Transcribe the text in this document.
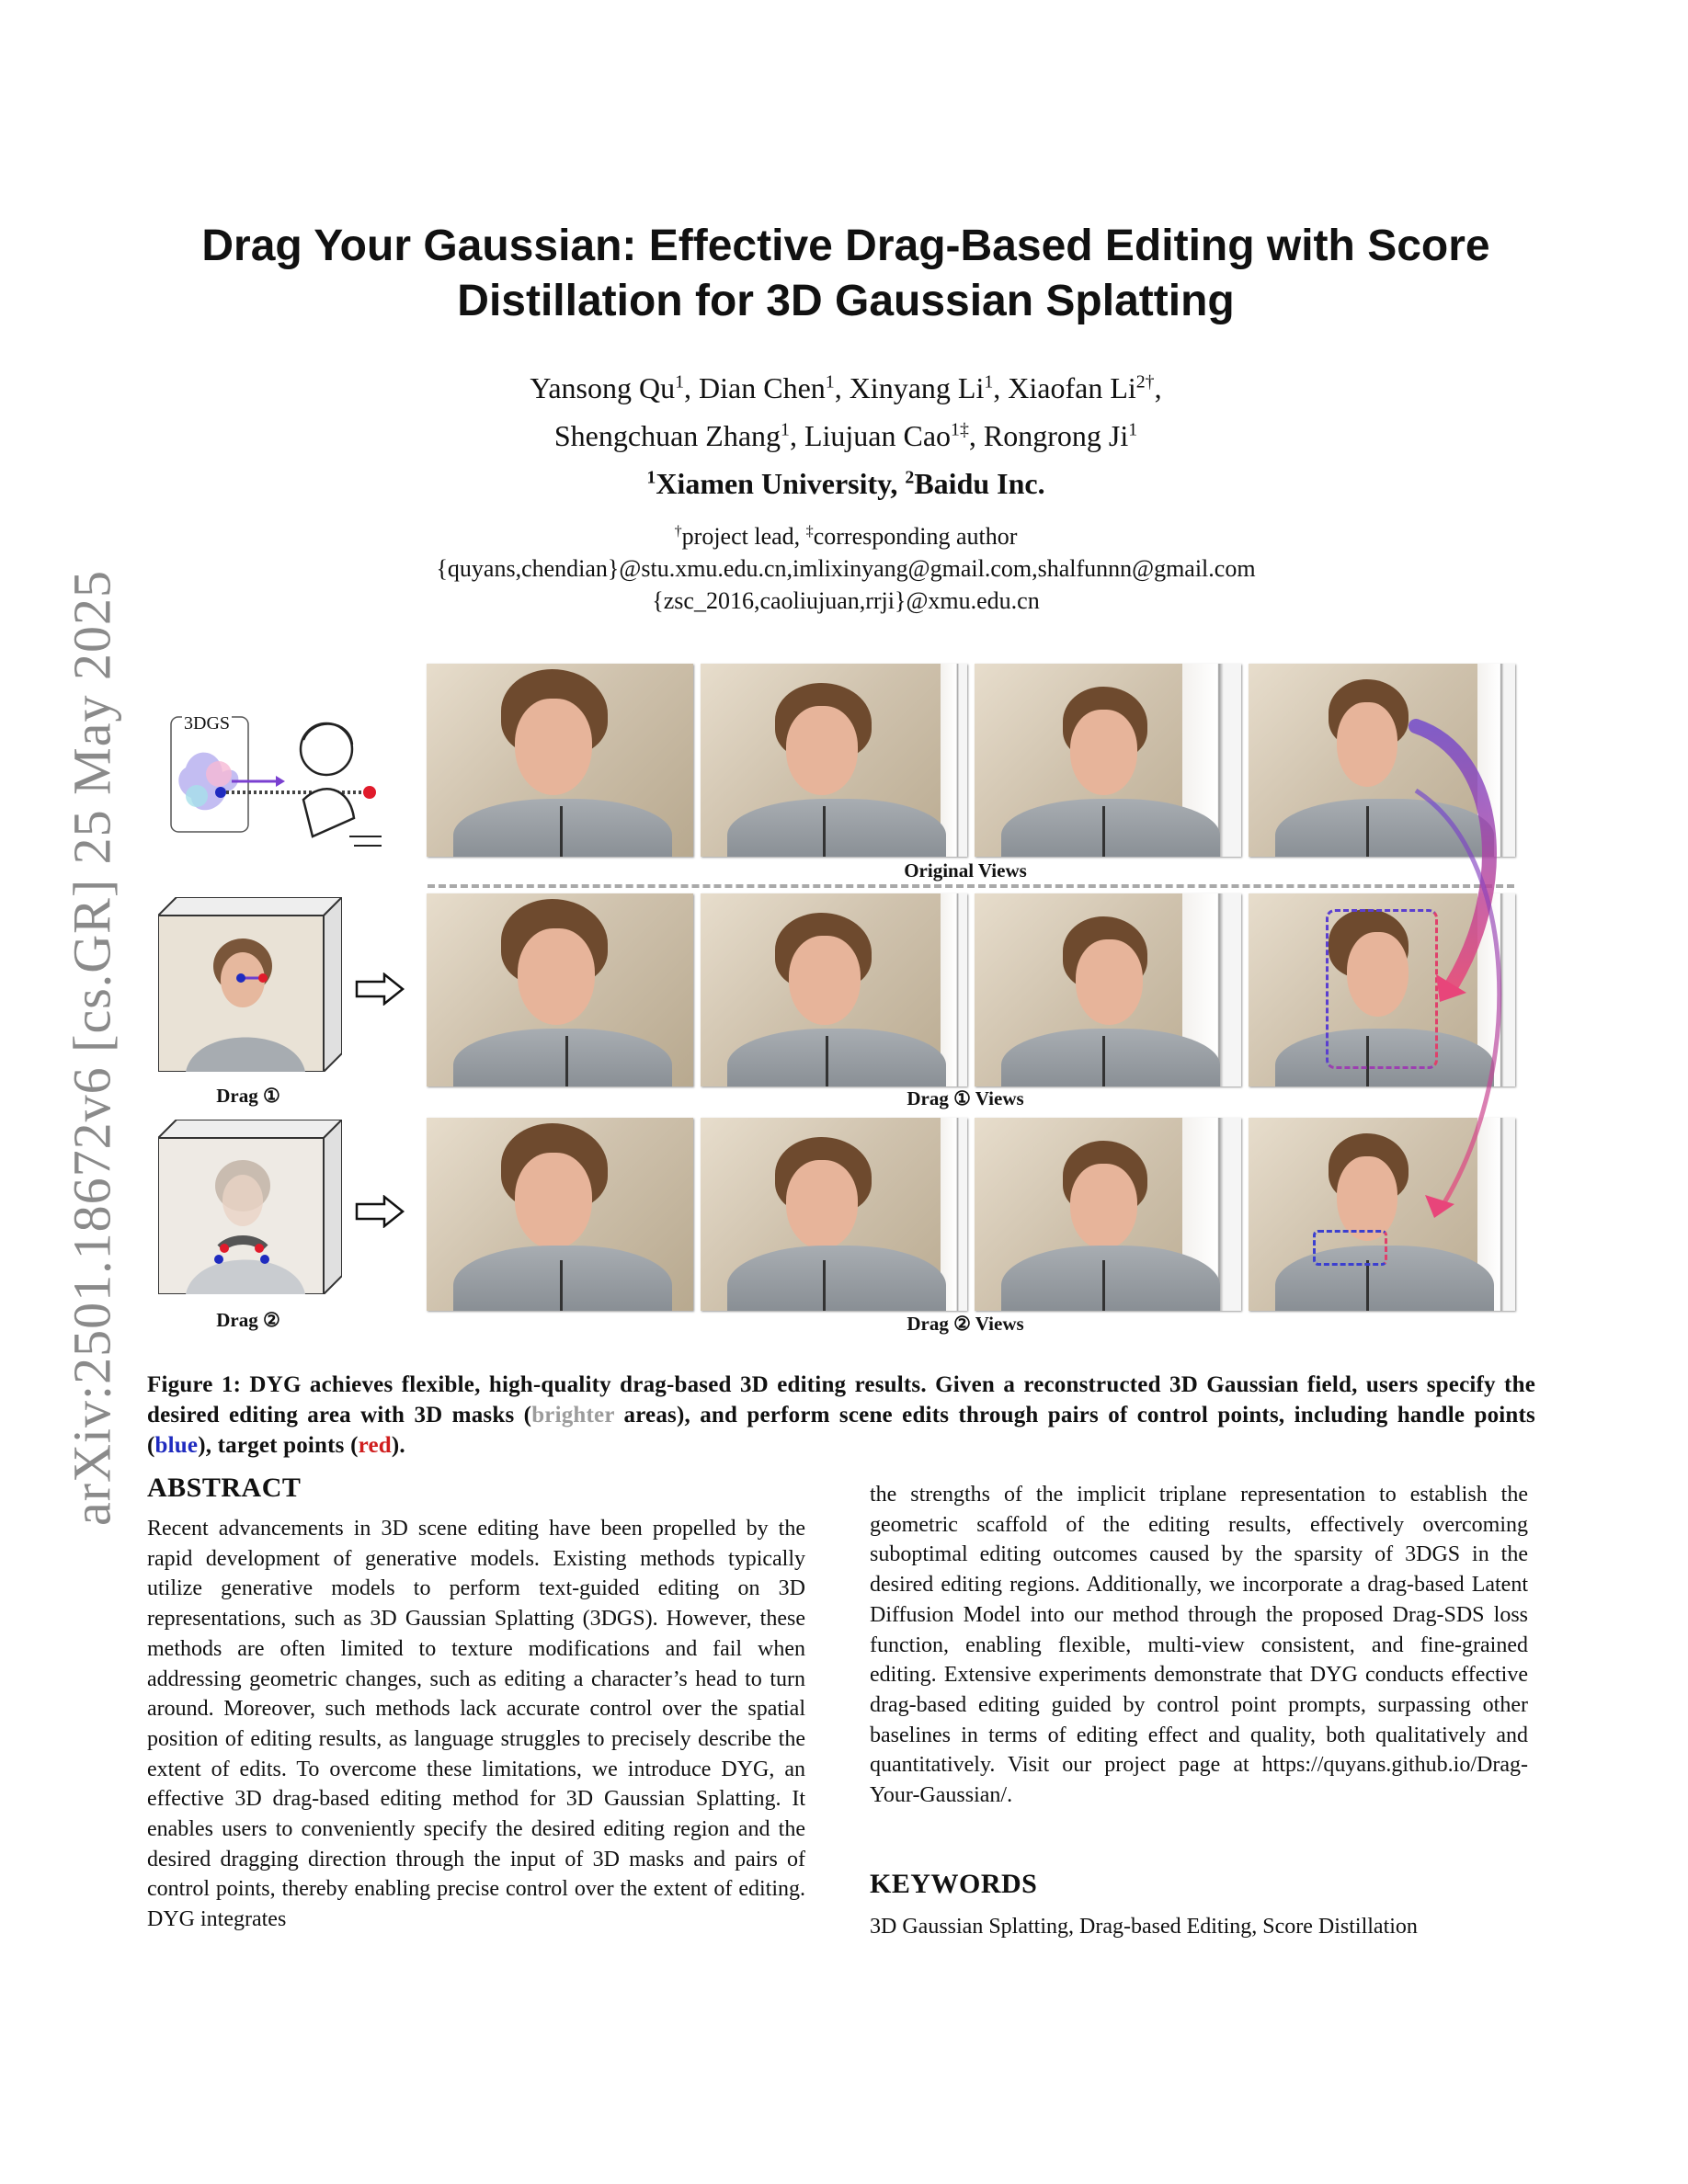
arXiv:2501.18672v6 [cs.GR] 25 May 2025
Drag Your Gaussian: Effective Drag-Based Editing with Score
Distillation for 3D Gaussian Splatting
Yansong Qu$^1$, Dian Chen$^1$, Xinyang Li$^1$, Xiaofan $Li^{2\dagger}$,
Shengchuan Zhang$^1$, Liujuan Cao$^{1\ddagger}$, Rongrong Ji$^1$
$^1$Xiamen University, $^2$Baidu Inc.
†project lead, ‡corresponding author
{quyans,chendian}@stu.xmu.edu.cn,imlixinyang@gmail.com,shalfunnn@gmail.com
{zsc_2016,caoliujuan,rrji}@xmu.edu.cn
3DGS
Drag ①
Drag ②
Original Views
Drag ① Views
Drag ② Views
Figure 1: DYG achieves flexible, high-quality drag-based 3D editing results. Given a reconstructed 3D Gaussian field, users specify the desired editing area with 3D masks (brighter areas), and perform scene edits through pairs of control points, including handle points (blue), target points (red).
ABSTRACT
Recent advancements in 3D scene editing have been propelled by the rapid development of generative models. Existing methods typically utilize generative models to perform text-guided editing on 3D representations, such as 3D Gaussian Splatting (3DGS). However, these methods are often limited to texture modifications and fail when addressing geometric changes, such as editing a character’s head to turn around. Moreover, such methods lack accurate control over the spatial position of editing results, as language struggles to precisely describe the extent of edits. To overcome these limitations, we introduce DYG, an effective 3D drag-based editing method for 3D Gaussian Splatting. It enables users to conveniently specify the desired editing region and the desired dragging direction through the input of 3D masks and pairs of control points, thereby enabling precise control over the extent of editing. DYG integrates
the strengths of the implicit triplane representation to establish the geometric scaffold of the editing results, effectively overcoming suboptimal editing outcomes caused by the sparsity of 3DGS in the desired editing regions. Additionally, we incorporate a drag-based Latent Diffusion Model into our method through the proposed Drag-SDS loss function, enabling flexible, multi-view consistent, and fine-grained editing. Extensive experiments demonstrate that DYG conducts effective drag-based editing guided by control point prompts, surpassing other baselines in terms of editing effect and quality, both qualitatively and quantitatively. Visit our project page at https://quyans.github.io/Drag-Your-Gaussian/.
KEYWORDS
3D Gaussian Splatting, Drag-based Editing, Score Distillation
